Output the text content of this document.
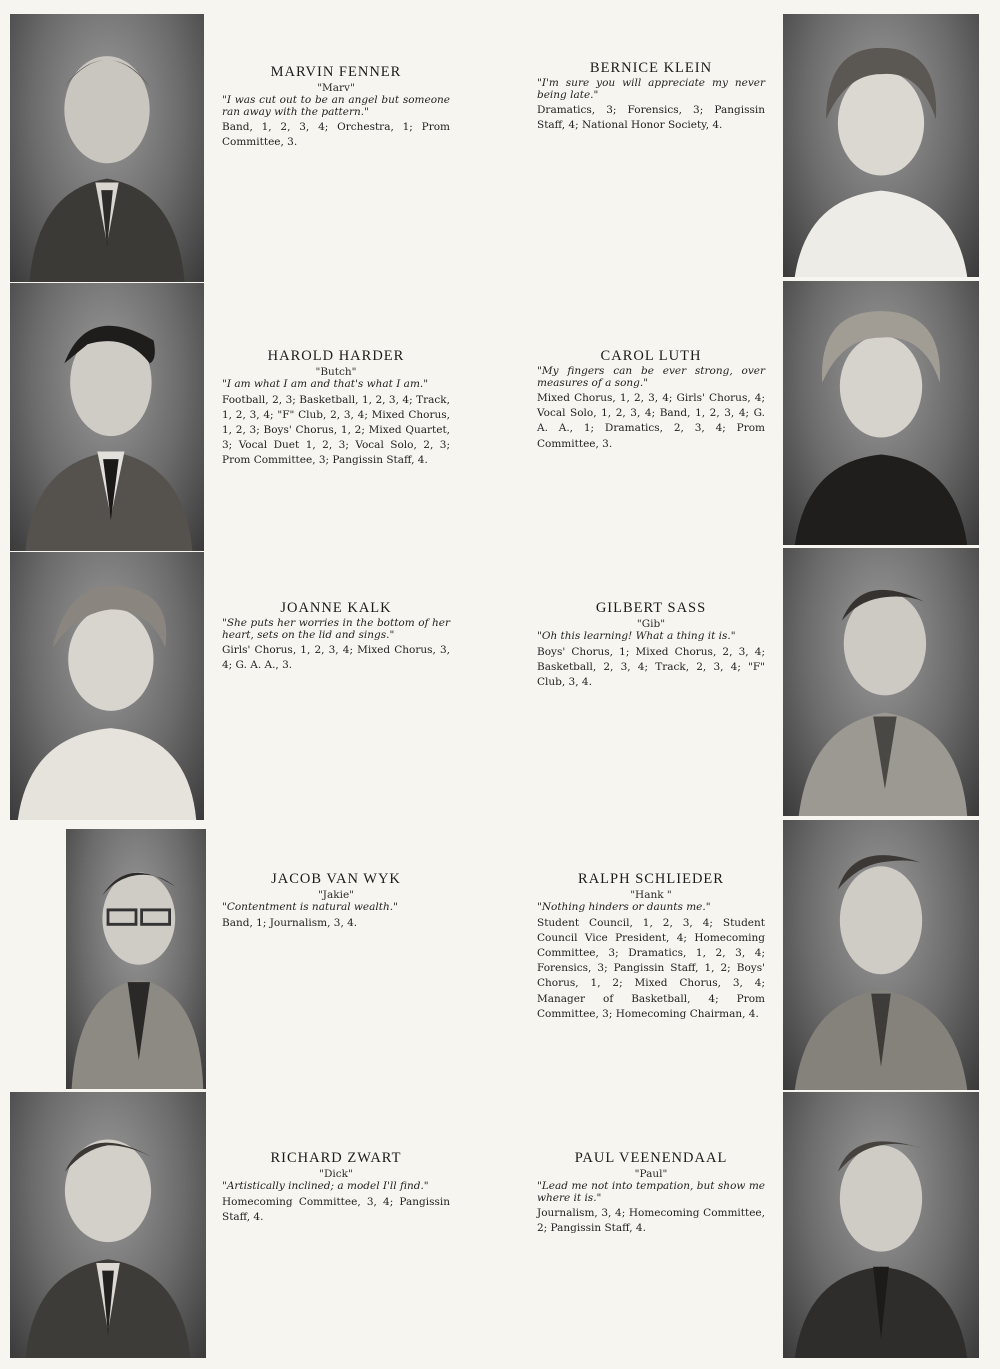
MARVIN FENNER
"Marv"
"I was cut out to be an angel but someone ran away with the pattern."
Band, 1, 2, 3, 4; Orchestra, 1; Prom Committee, 3.
HAROLD HARDER
"Butch"
"I am what I am and that's what I am."
Football, 2, 3; Basketball, 1, 2, 3, 4; Track, 1, 2, 3, 4; "F" Club, 2, 3, 4; Mixed Chorus, 1, 2, 3; Boys' Chorus, 1, 2; Mixed Quartet, 3; Vocal Duet 1, 2, 3; Vocal Solo, 2, 3; Prom Committee, 3; Pangissin Staff, 4.
JOANNE KALK
"She puts her worries in the bottom of her heart, sets on the lid and sings."
Girls' Chorus, 1, 2, 3, 4; Mixed Chorus, 3, 4; G. A. A., 3.
JACOB VAN WYK
"Jakie"
"Contentment is natural wealth."
Band, 1; Journalism, 3, 4.
RICHARD ZWART
"Dick"
"Artistically inclined; a model I'll find."
Homecoming Committee, 3, 4; Pangissin Staff, 4.
BERNICE KLEIN
"I'm sure you will appreciate my never being late."
Dramatics, 3; Forensics, 3; Pangissin Staff, 4; National Honor Society, 4.
CAROL LUTH
"My fingers can be ever strong, over measures of a song."
Mixed Chorus, 1, 2, 3, 4; Girls' Chorus, 4; Vocal Solo, 1, 2, 3, 4; Band, 1, 2, 3, 4; G. A. A., 1; Dramatics, 2, 3, 4; Prom Committee, 3.
GILBERT SASS
"Gib"
"Oh this learning! What a thing it is."
Boys' Chorus, 1; Mixed Chorus, 2, 3, 4; Basketball, 2, 3, 4; Track, 2, 3, 4; "F" Club, 3, 4.
RALPH SCHLIEDER
"Hank "
"Nothing hinders or daunts me."
Student Council, 1, 2, 3, 4; Student Council Vice President, 4; Homecoming Committee, 3; Dramatics, 1, 2, 3, 4; Forensics, 3; Pangissin Staff, 1, 2; Boys' Chorus, 1, 2; Mixed Chorus, 3, 4; Manager of Basketball, 4; Prom Committee, 3; Homecoming Chairman, 4.
PAUL VEENENDAAL
"Paul"
"Lead me not into tempation, but show me where it is."
Journalism, 3, 4; Homecoming Committee, 2; Pangissin Staff, 4.
